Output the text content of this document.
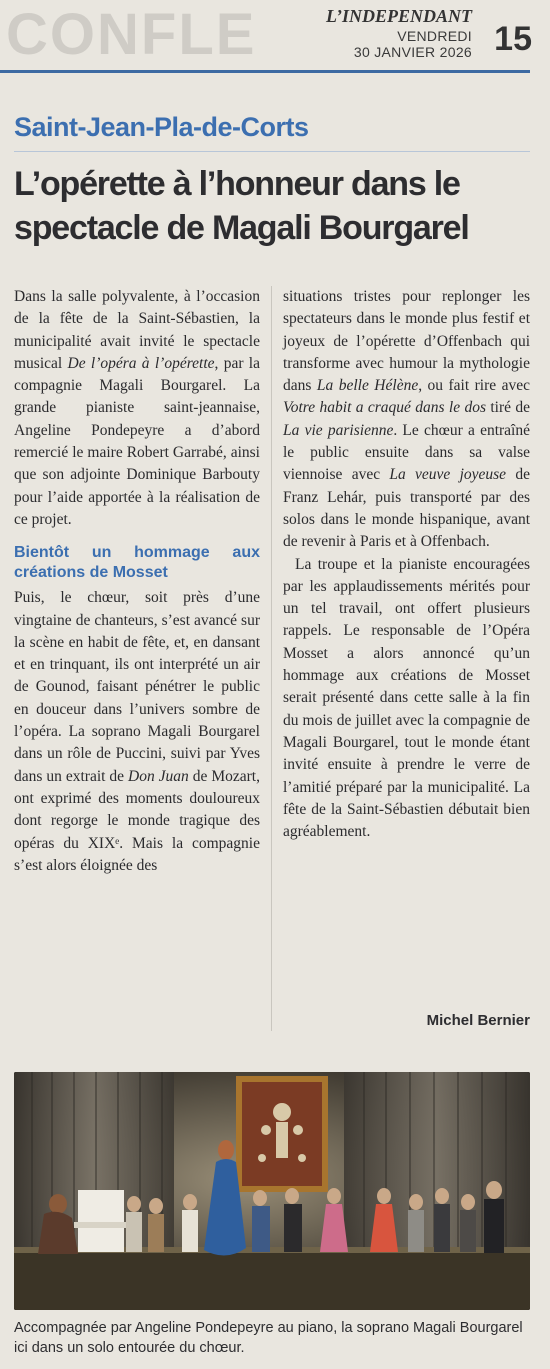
CONFLE	L’INDEPENDANT
VENDREDI
30 JANVIER 2026 15
Saint-Jean-Pla-de-Corts
L’opérette à l’honneur dans le spectacle de Magali Bourgarel

Dans la salle polyvalente, à l’occasion de la fête de la Saint-Sébastien, la municipalité avait invité le spectacle musical De l’opéra à l’opérette, par la compagnie Magali Bourgarel. La grande pianiste saint-jeannaise, Angeline Pondepeyre a d’abord remercié le maire Robert Garrabé, ainsi que son adjointe Dominique Barbouty pour l’aide apportée à la réalisation de ce projet.

Bientôt un hommage aux créations de Mosset

Puis, le chœur, soit près d’une vingtaine de chanteurs, s’est avancé sur la scène en habit de fête, et, en dansant et en trinquant, ils ont interprété un air de Gounod, faisant pénétrer le public en douceur dans l’univers sombre de l’opéra. La soprano Magali Bourgarel dans un rôle de Puccini, suivi par Yves dans un extrait de Don Juan de Mozart, ont exprimé des moments douloureux dont regorge le monde tragique des opéras du XIXᵉ. Mais la compagnie s’est alors éloignée des

situations tristes pour replonger les spectateurs dans le monde plus festif et joyeux de l’opérette d’Offenbach qui transforme avec humour la mythologie dans La belle Hélène, ou fait rire avec Votre habit a craqué dans le dos tiré de La vie parisienne. Le chœur a entraîné le public ensuite dans sa valse viennoise avec La veuve joyeuse de Franz Lehár, puis transporté par des solos dans le monde hispanique, avant de revenir à Paris et à Offenbach.

La troupe et la pianiste encouragées par les applaudissements mérités pour un tel travail, ont offert plusieurs rappels. Le responsable de l’Opéra Mosset a alors annoncé qu’un hommage aux créations de Mosset serait présenté dans cette salle à la fin du mois de juillet avec la compagnie de Magali Bourgarel, tout le monde étant invité ensuite à prendre le verre de l’amitié préparé par la municipalité. La fête de la Saint-Sébastien débutait bien agréablement.

Michel Bernier
Accompagnée par Angeline Pondepeyre au piano, la soprano Magali Bourgarel ici dans un solo entourée du chœur.
